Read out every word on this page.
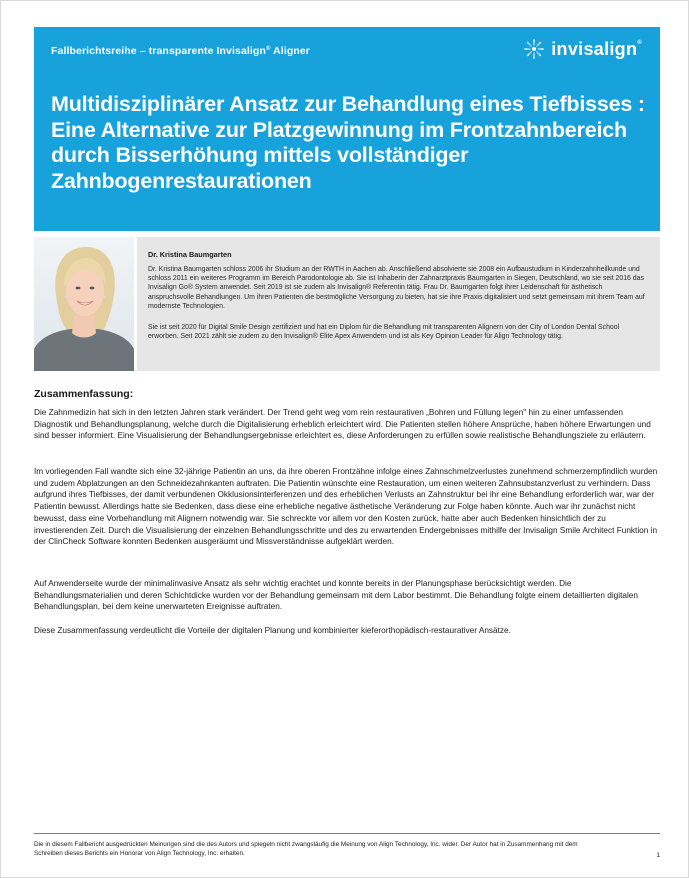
Fallberichtsreihe – transparente Invisalign® Aligner	invisalign®
Multidisziplinärer Ansatz zur Behandlung eines Tiefbisses : Eine Alternative zur Platzgewinnung im Frontzahnbereich durch Bisserhöhung mittels vollständiger Zahnbogenrestaurationen
Dr. Kristina Baumgarten

Dr. Kristina Baumgarten schloss 2006 ihr Studium an der RWTH in Aachen ab. Anschließend absolvierte sie 2008 ein Aufbaustudium in Kinderzahnheilkunde und schloss 2011 ein weiteres Programm im Bereich Parodontologie ab. Sie ist Inhaberin der Zahnarztpraxis Baumgarten in Siegen, Deutschland, wo sie seit 2016 das Invisalign Go® System anwendet. Seit 2019 ist sie zudem als Invisalign® Referentin tätig. Frau Dr. Baumgarten folgt ihrer Leidenschaft für ästhetisch anspruchsvolle Behandlungen. Um ihren Patienten die bestmögliche Versorgung zu bieten, hat sie ihre Praxis digitalisiert und setzt gemeinsam mit ihrem Team auf modernste Technologien.

Sie ist seit 2020 für Digital Smile Design zertifiziert und hat ein Diplom für die Behandlung mit transparenten Alignern von der City of London Dental School erworben. Seit 2021 zählt sie zudem zu den Invisalign® Elite Apex Anwendern und ist als Key Opinion Leader für Align Technology tätig.

Zusammenfassung:

Die Zahnmedizin hat sich in den letzten Jahren stark verändert. Der Trend geht weg vom rein restaurativen „Bohren und Füllung legen" hin zu einer umfassenden Diagnostik und Behandlungsplanung, welche durch die Digitalisierung erheblich erleichtert wird. Die Patienten stellen höhere Ansprüche, haben höhere Erwartungen und sind besser informiert. Eine Visualisierung der Behandlungsergebnisse erleichtert es, diese Anforderungen zu erfüllen sowie realistische Behandlungsziele zu erläutern.

Im vorliegenden Fall wandte sich eine 32-jährige Patientin an uns, da ihre oberen Frontzähne infolge eines Zahnschmelzverlustes zunehmend schmerzempfindlich wurden und zudem Abplatzungen an den Schneidezahnkanten auftraten. Die Patientin wünschte eine Restauration, um einen weiteren Zahnsubstanzverlust zu verhindern. Dass aufgrund ihres Tiefbisses, der damit verbundenen Okklusionsinterferenzen und des erheblichen Verlusts an Zahnstruktur bei ihr eine Behandlung erforderlich war, war der Patientin bewusst. Allerdings hatte sie Bedenken, dass diese eine erhebliche negative ästhetische Veränderung zur Folge haben könnte. Auch war ihr zunächst nicht bewusst, dass eine Vorbehandlung mit Alignern notwendig war. Sie schreckte vor allem vor den Kosten zurück, hatte aber auch Bedenken hinsichtlich der zu investierenden Zeit. Durch die Visualisierung der einzelnen Behandlungsschritte und des zu erwartenden Endergebnisses mithilfe der Invisalign Smile Architect Funktion in der ClinCheck Software konnten Bedenken ausgeräumt und Missverständnisse aufgeklärt werden.

Auf Anwenderseite wurde der minimalinvasive Ansatz als sehr wichtig erachtet und konnte bereits in der Planungsphase berücksichtigt werden. Die Behandlungsmaterialien und deren Schichtdicke wurden vor der Behandlung gemeinsam mit dem Labor bestimmt. Die Behandlung folgte einem detaillierten digitalen Behandlungsplan, bei dem keine unerwarteten Ereignisse auftraten.

Diese Zusammenfassung verdeutlicht die Vorteile der digitalen Planung und kombinierter kieferorthopädisch-restaurativer Ansätze.

Die in diesem Fallbericht ausgedrückten Meinungen sind die des Autors und spiegeln nicht zwangsläufig die Meinung von Align Technology, Inc. wider. Der Autor hat in Zusammenhang mit dem Schreiben dieses Berichts ein Honorar von Align Technology, Inc. erhalten.	1
